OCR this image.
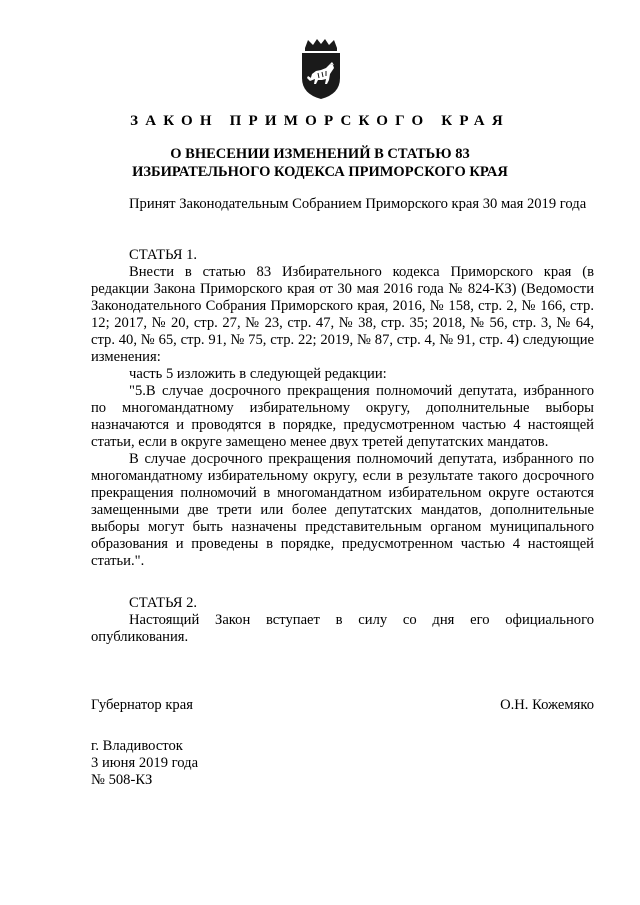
ЗАКОН ПРИМОРСКОГО КРАЯ
О ВНЕСЕНИИ ИЗМЕНЕНИЙ В СТАТЬЮ 83
ИЗБИРАТЕЛЬНОГО КОДЕКСА ПРИМОРСКОГО КРАЯ

Принят Законодательным Собранием Приморского края 30 мая 2019 года

СТАТЬЯ 1.

Внести в статью 83 Избирательного кодекса Приморского края (в редакции Закона Приморского края от 30 мая 2016 года № 824-КЗ) (Ведомости Законодательного Собрания Приморского края, 2016, № 158, стр. 2, № 166, стр. 12; 2017, № 20, стр. 27, № 23, стр. 47, № 38, стр. 35; 2018, № 56, стр. 3, № 64, стр. 40, № 65, стр. 91, № 75, стр. 22; 2019, № 87, стр. 4, № 91, стр. 4) следующие изменения:

часть 5 изложить в следующей редакции:

"5.В случае досрочного прекращения полномочий депутата, избранного по многомандатному избирательному округу, дополнительные выборы назначаются и проводятся в порядке, предусмотренном частью 4 настоящей статьи, если в округе замещено менее двух третей депутатских мандатов.

В случае досрочного прекращения полномочий депутата, избранного по многомандатному избирательному округу, если в результате такого досрочного прекращения полномочий в многомандатном избирательном округе остаются замещенными две трети или более депутатских мандатов, дополнительные выборы могут быть назначены представительным органом муниципального образования и проведены в порядке, предусмотренном частью 4 настоящей статьи.".

СТАТЬЯ 2.

Настоящий Закон вступает в силу со дня его официального опубликования.

Губернатор края	О.Н. Кожемяко

г. Владивосток

3 июня 2019 года

№ 508-КЗ
